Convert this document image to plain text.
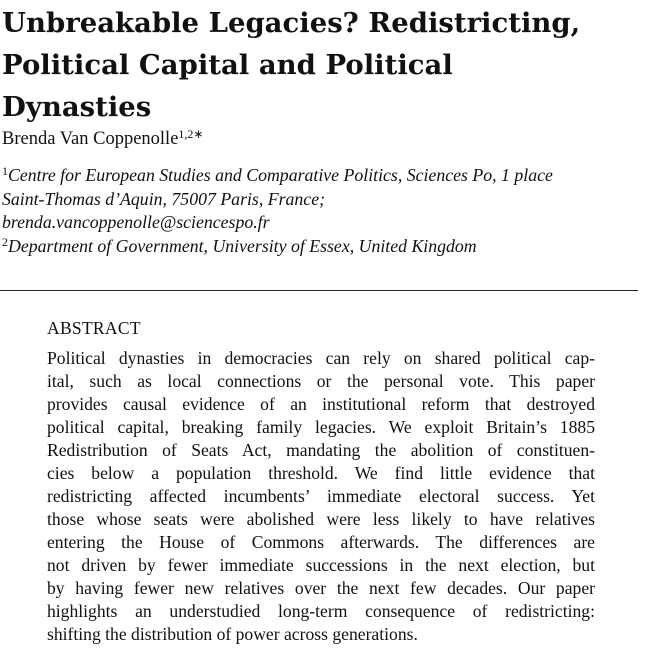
Unbreakable Legacies? Redistricting,
Political Capital and Political
Dynasties
Brenda Van Coppenolle$^{1,2∗}$
$^1$Centre for European Studies and Comparative Politics, Sciences Po, 1 place
Saint-Thomas d’Aquin, 75007 Paris, France;
brenda.vancoppenolle@sciencespo.fr
$^2$Department of Government, University of Essex, United Kingdom
ABSTRACT
Political dynasties in democracies can rely on shared political cap-
ital, such as local connections or the personal vote. This paper
provides causal evidence of an institutional reform that destroyed
political capital, breaking family legacies. We exploit Britain’s 1885
Redistribution of Seats Act, mandating the abolition of constituen-
cies below a population threshold. We find little evidence that
redistricting affected incumbents’ immediate electoral success. Yet
those whose seats were abolished were less likely to have relatives
entering the House of Commons afterwards. The differences are
not driven by fewer immediate successions in the next election, but
by having fewer new relatives over the next few decades. Our paper
highlights an understudied long-term consequence of redistricting:
shifting the distribution of power across generations.
